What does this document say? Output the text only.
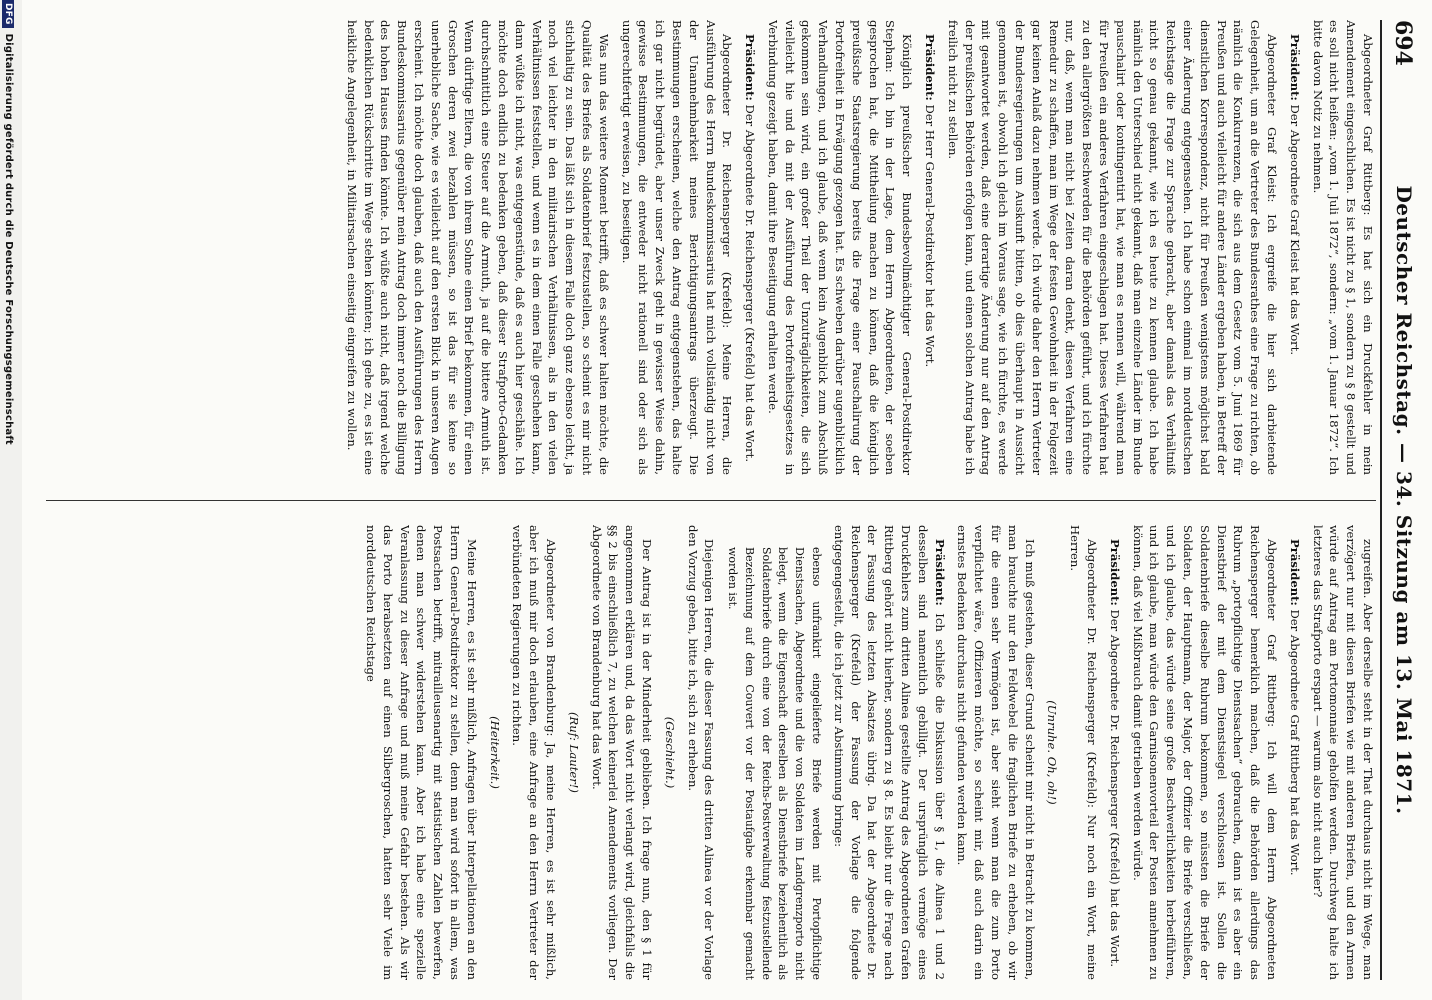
694
Deutscher Reichstag. — 34. Sitzung am 13. Mai 1871.

Abgeordneter Graf Rittberg: Es hat sich ein Druckfehler in mein Amendement eingeschlichen. Es ist nicht zu § 1, sondern zu § 8 gestellt und es soll nicht heißen: „vom 1. Juli 1872“, sondern: „vom 1. Januar 1872“. Ich bitte davon Notiz zu nehmen.

Präsident: Der Abgeordnete Graf Kleist hat das Wort.

Abgeordneter Graf Kleist: Ich ergreife die hier sich darbietende Gelegenheit, um an die Vertreter des Bundesrathes eine Frage zu richten, ob nämlich die Konkurrenzen, die sich aus dem Gesetz vom 5. Juni 1869 für Preußen und auch vielleicht für andere Länder ergeben haben, in Betreff der dienstlichen Korrespondenz, nicht für Preußen wenigstens möglichst bald einer Änderung entgegensehen. Ich habe schon einmal im norddeutschen Reichstage die Frage zur Sprache gebracht, aber damals das Verhältniß nicht so genau gekannt, wie ich es heute zu kennen glaube. Ich habe nämlich den Unterschied nicht gekannt, daß man einzelne Länder im Bunde pauschalirt oder kontingentirt hat, wie man es nennen will, während man für Preußen ein anderes Verfahren eingeschlagen hat. Dieses Verfahren hat zu den allergrößten Beschwerden für die Behörden geführt, und ich fürchte nur, daß, wenn man nicht bei Zeiten daran denkt, diesen Verfahren eine Remedur zu schaffen, man im Wege der festen Gewohnheit in der Folgezeit gar keinen Anlaß dazu nehmen werde. Ich würde daher den Herrn Vertreter der Bundesregierungen um Auskunft bitten, ob dies überhaupt in Aussicht genommen ist, obwohl ich gleich im Voraus sage, wie ich fürchte, es werde mit geantwortet werden, daß eine derartige Änderung nur auf den Antrag der preußischen Behörden erfolgen kann, und einen solchen Antrag habe ich freilich nicht zu stellen.

Präsident: Der Herr General-Postdirektor hat das Wort.

Königlich preußischer Bundesbevollmächtigter General-Postdirektor Stephan: Ich bin in der Lage, dem Herrn Abgeordneten, der soeben gesprochen hat, die Mittheilung machen zu können, daß die königlich preußische Staatsregierung bereits die Frage einer Pauschalirung der Portofreiheit in Erwägung gezogen hat. Es schweben darüber augenblicklich Verhandlungen, und ich glaube, daß wenn kein Augenblick zum Abschluß gekommen sein wird, ein großer Theil der Unzuträglichkeiten, die sich vielleicht hie und da mit der Ausführung des Portofreiheitsgesetzes in Verbindung gezeigt haben, damit ihre Beseitigung erhalten werde.

Präsident: Der Abgeordnete Dr. Reichensperger (Krefeld) hat das Wort.

Abgeordneter Dr. Reichensperger (Krefeld): Meine Herren, die Ausführung des Herrn Bundeskommissarius hat mich vollständig nicht von der Unannehmbarkeit meines Berichtigungsantrags überzeugt. Die Bestimmungen erscheinen, welche den Antrag entgegenstehen, das halte ich gar nicht begründet, aber unser Zweck geht in gewisser Weise dahin, gewisse Bestimmungen, die entweder nicht rationell sind oder sich als ungerechtfertigt erweisen, zu beseitigen.

Was nun das weitere Moment betrifft, daß es schwer halten möchte, die Qualität des Briefes als Soldatenbrief festzustellen, so scheint es mir nicht stichhaltig zu sein. Das läßt sich in diesem Falle doch ganz ebenso leicht, ja noch viel leichter in den militairischen Verhältnissen, als in den vielen Verhältnissen feststellen, und wenn es in dem einen Falle geschehen kann, dann wüßte ich nicht, was entgegenstünde, daß es auch hier geschähe. Ich möchte doch endlich zu bedenken geben, daß dieser Strafporto-Gedanken durchschnittlich eine Steuer auf die Armuth, ja auf die bittere Armuth ist. Wenn dürftige Eltern, die von ihrem Sohne einen Brief bekommen, für einen Groschen deren zwei bezahlen müssen, so ist das für sie keine so unerhebliche Sache, wie es vielleicht auf den ersten Blick in unseren Augen erscheint. Ich möchte doch glauben, daß auch den Ausführungen des Herrn Bundeskommissarius gegenüber mein Antrag doch immer noch die Billigung des hohen Hauses finden könnte. Ich wüßte auch nicht, daß irgend welche bedenklichen Rückschritte im Wege stehen könnten; ich gehe zu, es ist eine heikliche Angelegenheit, in Militairsachen einseitig eingreifen zu wollen.

zugreifen. Aber derselbe steht in der That durchaus nicht im Wege, man verzögert nur mit diesen Briefen wie mit anderen Briefen, und den Armen würde auf Antrag am Portomonnaie geholfen werden. Durchweg halte ich letzteres das Strafporto erspart — warum also nicht auch hier?

Präsident: Der Abgeordnete Graf Rittberg hat das Wort.

Abgeordneter Graf Rittberg: Ich will dem Herrn Abgeordneten Reichensperger bemerklich machen, daß die Behörden allerdings das Rubrum „portopflichtige Dienstsachen“ gebrauchen, dann ist es aber ein Dienstbrief der mit dem Dienstsiegel verschlossen ist. Sollen die Soldatenbriefe dieselbe Rubrum bekommen, so müssten die Briefe der Soldaten, der Hauptmann, der Major, der Offizier die Briefe verschließen, und ich glaube, das würde seine große Beschwerlichkeiten herbeiführen, und ich glaube, man würde den Garnisonenvorteil der Posten annehmen zu können, daß viel Mißbrauch damit getrieben werden würde.

Präsident: Der Abgeordnete Dr. Reichensperger (Krefeld) hat das Wort.

Abgeordneter Dr. Reichensperger (Krefeld): Nur noch ein Wort, meine Herren.

(Unruhe. Oh, oh!)

Ich muß gestehen, dieser Grund scheint mir nicht in Betracht zu kommen, man brauchte nur den Feldwebel die fraglichen Briefe zu erheben, ob wir für die einen sehr Vermögen ist, aber sieht wenn man die zum Porto verpflichtet wäre, Offizieren möchte, so scheint mir, daß auch darin ein ernstes Bedenken durchaus nicht gefunden werden kann.

Präsident: Ich schließe die Diskussion über § 1, die Alinea 1 und 2 desselben sind namentlich gebilligt. Der ursprünglich vermöge eines Druckfehlers zum dritten Alinea gestellte Antrag des Abgeordneten Grafen Rittberg gehört nicht hierher, sondern zu § 8. Es bleibt nur die Frage nach der Fassung des letzten Absatzes übrig. Da hat der Abgeordnete Dr. Reichensperger (Krefeld) der Fassung der Vorlage die folgende entgegengestellt, die ich jetzt zur Abstimmung bringe:

ebenso unfrankirt eingelieferte Briefe werden mit Portopflichtige Dienstsachen, Abgeordnete und die von Soldaten im Landgrenzporto nicht belegt, wenn die Eigenschaft derselben als Dienstbriefe beziehentlich als Soldatenbriefe durch eine von der Reichs-Postverwaltung festzustellende Bezeichnung auf dem Couvert vor der Postaufgabe erkennbar gemacht worden ist.

Diejenigen Herren, die dieser Fassung des dritten Alinea vor der Vorlage den Vorzug geben, bitte ich, sich zu erheben.

(Geschieht.)

Der Antrag ist in der Minderheit geblieben. Ich frage nun, den § 1 für angenommen erklären und, da das Wort nicht verlangt wird, gleichfalls die §§ 2 bis einschließlich 7, zu welchen keinerlei Amendements vorliegen. Der Abgeordnete von Brandenburg hat das Wort.

(Ruf: Lauter!)

Abgeordneter von Brandenburg: Ja, meine Herren, es ist sehr mißlich, aber ich muß mir doch erlauben, eine Anfrage an den Herrn Vertreter der verbündeten Regierungen zu richten.

(Heiterkeit.)

Meine Herren, es ist sehr mißlich, Anfragen über Interpellationen an den Herrn General-Postdirektor zu stellen, denn man wird sofort in allem, was Postsachen betrifft, mitrailleusenartig mit statistischen Zahlen bewerfen, denen man schwer widerstehen kann. Aber ich habe eine spezielle Veranlassung zu dieser Anfrage und muß meine Gefahr bestehen. Als wir das Porto herabsetzten auf einen Silbergroschen, hatten sehr Viele im norddeutschen Reichstage

DFGDigitalisierung gefördert durch die Deutsche Forschungsgemeinschaft
